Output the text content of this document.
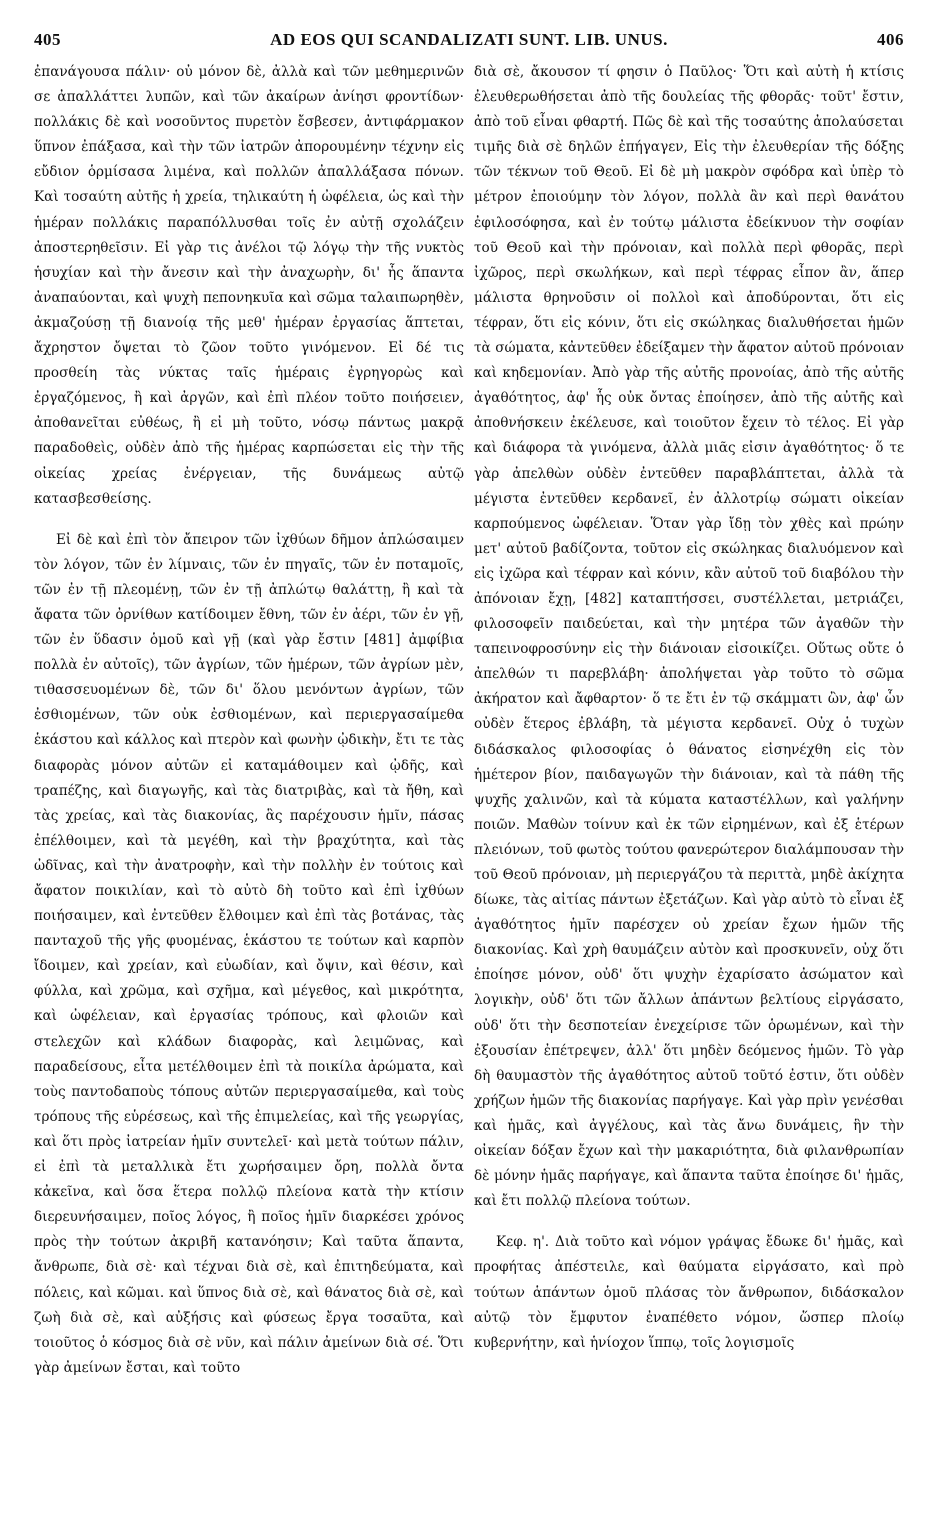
405	AD EOS QUI SCANDALIZATI SUNT. LIB. UNUS.	406

ἐπανάγουσα πάλιν· οὐ μόνον δὲ, ἀλλὰ καὶ τῶν μεθημερινῶν σε ἀπαλλάττει λυπῶν, καὶ τῶν ἀκαίρων ἀνίησι φροντίδων· πολλάκις δὲ καὶ νοσοῦντος πυρετὸν ἔσβεσεν, ἀντιφάρμακον ὕπνον ἐπάξασα, καὶ τὴν τῶν ἰατρῶν ἀπορουμένην τέχνην εἰς εὔδιον ὁρμίσασα λιμένα, καὶ πολλῶν ἀπαλλάξασα πόνων. Καὶ τοσαύτη αὐτῆς ἡ χρεία, τηλικαύτη ἡ ὠφέλεια, ὡς καὶ τὴν ἡμέραν πολλάκις παραπόλλυσθαι τοῖς ἐν αὐτῇ σχολάζειν ἀποστερηθεῖσιν. Εἰ γὰρ τις ἀνέλοι τῷ λόγῳ τὴν τῆς νυκτὸς ἡσυχίαν καὶ τὴν ἄνεσιν καὶ τὴν ἀναχωρὴν, δι' ἧς ἅπαντα ἀναπαύονται, καὶ ψυχὴ πεπονηκυῖα καὶ σῶμα ταλαιπωρηθὲν, ἀκμαζούσῃ τῇ διανοίᾳ τῆς μεθ' ἡμέραν ἐργασίας ἅπτεται, ἄχρηστον ὄψεται τὸ ζῶον τοῦτο γινόμενον. Εἰ δέ τις προσθείη τὰς νύκτας ταῖς ἡμέραις ἐγρηγορὼς καὶ ἐργαζόμενος, ἢ καὶ ἀργῶν, καὶ ἐπὶ πλέον τοῦτο ποιήσειεν, ἀποθανεῖται εὐθέως, ἢ εἰ μὴ τοῦτο, νόσῳ πάντως μακρᾷ παραδοθεὶς, οὐδὲν ἀπὸ τῆς ἡμέρας καρπώσεται εἰς τὴν τῆς οἰκείας χρείας ἐνέργειαν, τῆς δυνάμεως αὐτῷ κατασβεσθείσης.

Εἰ δὲ καὶ ἐπὶ τὸν ἄπειρον τῶν ἰχθύων δῆμον ἁπλώσαιμεν τὸν λόγον, τῶν ἐν λίμναις, τῶν ἐν πηγαῖς, τῶν ἐν ποταμοῖς, τῶν ἐν τῇ πλεομένῃ, τῶν ἐν τῇ ἀπλώτῳ θαλάττῃ, ἢ καὶ τὰ ἄφατα τῶν ὀρνίθων κατίδοιμεν ἔθνη, τῶν ἐν ἀέρι, τῶν ἐν γῇ, τῶν ἐν ὕδασιν ὁμοῦ καὶ γῇ (καὶ γὰρ ἔστιν [481] ἀμφίβια πολλὰ ἐν αὐτοῖς), τῶν ἀγρίων, τῶν ἡμέρων, τῶν ἀγρίων μὲν, τιθασσευομένων δὲ, τῶν δι' ὅλου μενόντων ἀγρίων, τῶν ἐσθιομένων, τῶν οὐκ ἐσθιομένων, καὶ περιεργασαίμεθα ἑκάστου καὶ κάλλος καὶ πτερὸν καὶ φωνὴν ᾠδικὴν, ἔτι τε τὰς διαφορὰς μόνον αὐτῶν εἰ καταμάθοιμεν καὶ ᾠδῆς, καὶ τραπέζης, καὶ διαγωγῆς, καὶ τὰς διατριβὰς, καὶ τὰ ἤθη, καὶ τὰς χρείας, καὶ τὰς διακονίας, ἃς παρέχουσιν ἡμῖν, πάσας ἐπέλθοιμεν, καὶ τὰ μεγέθη, καὶ τὴν βραχύτητα, καὶ τὰς ὠδῖνας, καὶ τὴν ἀνατροφὴν, καὶ τὴν πολλὴν ἐν τούτοις καὶ ἄφατον ποικιλίαν, καὶ τὸ αὐτὸ δὴ τοῦτο καὶ ἐπὶ ἰχθύων ποιήσαιμεν, καὶ ἐντεῦθεν ἔλθοιμεν καὶ ἐπὶ τὰς βοτάνας, τὰς πανταχοῦ τῆς γῆς φυομένας, ἑκάστου τε τούτων καὶ καρπὸν ἴδοιμεν, καὶ χρείαν, καὶ εὐωδίαν, καὶ ὄψιν, καὶ θέσιν, καὶ φύλλα, καὶ χρῶμα, καὶ σχῆμα, καὶ μέγεθος, καὶ μικρότητα, καὶ ὠφέλειαν, καὶ ἐργασίας τρόπους, καὶ φλοιῶν καὶ στελεχῶν καὶ κλάδων διαφορὰς, καὶ λειμῶνας, καὶ παραδείσους, εἶτα μετέλθοιμεν ἐπὶ τὰ ποικίλα ἀρώματα, καὶ τοὺς παντοδαποὺς τόπους αὐτῶν περιεργασαίμεθα, καὶ τοὺς τρόπους τῆς εὑρέσεως, καὶ τῆς ἐπιμελείας, καὶ τῆς γεωργίας, καὶ ὅτι πρὸς ἰατρείαν ἡμῖν συντελεῖ· καὶ μετὰ τούτων πάλιν, εἰ ἐπὶ τὰ μεταλλικὰ ἔτι χωρήσαιμεν ὄρη, πολλὰ ὄντα κἀκεῖνα, καὶ ὅσα ἕτερα πολλῷ πλείονα κατὰ τὴν κτίσιν διερευνήσαιμεν, ποῖος λόγος, ἢ ποῖος ἡμῖν διαρκέσει χρόνος πρὸς τὴν τούτων ἀκριβῆ κατανόησιν; Καὶ ταῦτα ἅπαντα, ἄνθρωπε, διὰ σὲ· καὶ τέχναι διὰ σὲ, καὶ ἐπιτηδεύματα, καὶ πόλεις, καὶ κῶμαι. καὶ ὕπνος διὰ σὲ, καὶ θάνατος διὰ σὲ, καὶ ζωὴ διὰ σὲ, καὶ αὐξήσις καὶ φύσεως ἔργα τοσαῦτα, καὶ τοιοῦτος ὁ κόσμος διὰ σὲ νῦν, καὶ πάλιν ἀμείνων διὰ σέ. Ὅτι γὰρ ἀμείνων ἔσται, καὶ τοῦτο

διὰ σὲ, ἄκουσον τί φησιν ὁ Παῦλος· Ὅτι καὶ αὐτὴ ἡ κτίσις ἐλευθερωθήσεται ἀπὸ τῆς δουλείας τῆς φθορᾶς· τοῦτ' ἔστιν, ἀπὸ τοῦ εἶναι φθαρτή. Πῶς δὲ καὶ τῆς τοσαύτης ἀπολαύσεται τιμῆς διὰ σὲ δηλῶν ἐπήγαγεν, Εἰς τὴν ἐλευθερίαν τῆς δόξης τῶν τέκνων τοῦ Θεοῦ. Εἰ δὲ μὴ μακρὸν σφόδρα καὶ ὑπὲρ τὸ μέτρον ἐποιούμην τὸν λόγον, πολλὰ ἂν καὶ περὶ θανάτου ἐφιλοσόφησα, καὶ ἐν τούτῳ μάλιστα ἐδείκνυον τὴν σοφίαν τοῦ Θεοῦ καὶ τὴν πρόνοιαν, καὶ πολλὰ περὶ φθορᾶς, περὶ ἰχῶρος, περὶ σκωλήκων, καὶ περὶ τέφρας εἶπον ἂν, ἅπερ μάλιστα θρηνοῦσιν οἱ πολλοὶ καὶ ἀποδύρονται, ὅτι εἰς τέφραν, ὅτι εἰς κόνιν, ὅτι εἰς σκώληκας διαλυθήσεται ἡμῶν τὰ σώματα, κἀντεῦθεν ἐδείξαμεν τὴν ἄφατον αὐτοῦ πρόνοιαν καὶ κηδεμονίαν. Ἀπὸ γὰρ τῆς αὐτῆς προνοίας, ἀπὸ τῆς αὐτῆς ἀγαθότητος, ἀφ' ἧς οὐκ ὄντας ἐποίησεν, ἀπὸ τῆς αὐτῆς καὶ ἀποθνήσκειν ἐκέλευσε, καὶ τοιοῦτον ἔχειν τὸ τέλος. Εἰ γὰρ καὶ διάφορα τὰ γινόμενα, ἀλλὰ μιᾶς εἰσιν ἀγαθότητος· ὅ τε γὰρ ἀπελθὼν οὐδὲν ἐντεῦθεν παραβλάπτεται, ἀλλὰ τὰ μέγιστα ἐντεῦθεν κερδανεῖ, ἐν ἀλλοτρίῳ σώματι οἰκείαν καρπούμενος ὠφέλειαν. Ὅταν γὰρ ἴδῃ τὸν χθὲς καὶ πρώην μετ' αὐτοῦ βαδίζοντα, τοῦτον εἰς σκώληκας διαλυόμενον καὶ εἰς ἰχῶρα καὶ τέφραν καὶ κόνιν, κἂν αὐτοῦ τοῦ διαβόλου τὴν ἀπόνοιαν ἔχῃ, [482] καταπτήσσει, συστέλλεται, μετριάζει, φιλοσοφεῖν παιδεύεται, καὶ τὴν μητέρα τῶν ἀγαθῶν τὴν ταπεινοφροσύνην εἰς τὴν διάνοιαν εἰσοικίζει. Οὕτως οὔτε ὁ ἀπελθών τι παρεβλάβη· ἀπολήψεται γὰρ τοῦτο τὸ σῶμα ἀκήρατον καὶ ἄφθαρτον· ὅ τε ἔτι ἐν τῷ σκάμματι ὢν, ἀφ' ὧν οὐδὲν ἕτερος ἐβλάβη, τὰ μέγιστα κερδανεῖ. Οὐχ ὁ τυχὼν διδάσκαλος φιλοσοφίας ὁ θάνατος εἰσηνέχθη εἰς τὸν ἡμέτερον βίον, παιδαγωγῶν τὴν διάνοιαν, καὶ τὰ πάθη τῆς ψυχῆς χαλινῶν, καὶ τὰ κύματα καταστέλλων, καὶ γαλήνην ποιῶν. Μαθὼν τοίνυν καὶ ἐκ τῶν εἰρημένων, καὶ ἐξ ἑτέρων πλειόνων, τοῦ φωτὸς τούτου φανερώτερον διαλάμπουσαν τὴν τοῦ Θεοῦ πρόνοιαν, μὴ περιεργάζου τὰ περιττὰ, μηδὲ ἀκίχητα δίωκε, τὰς αἰτίας πάντων ἐξετάζων. Καὶ γὰρ αὐτὸ τὸ εἶναι ἐξ ἀγαθότητος ἡμῖν παρέσχεν οὐ χρείαν ἔχων ἡμῶν τῆς διακονίας. Καὶ χρὴ θαυμάζειν αὐτὸν καὶ προσκυνεῖν, οὐχ ὅτι ἐποίησε μόνον, οὐδ' ὅτι ψυχὴν ἐχαρίσατο ἀσώματον καὶ λογικὴν, οὐδ' ὅτι τῶν ἄλλων ἁπάντων βελτίους εἰργάσατο, οὐδ' ὅτι τὴν δεσποτείαν ἐνεχείρισε τῶν ὁρωμένων, καὶ τὴν ἐξουσίαν ἐπέτρεψεν, ἀλλ' ὅτι μηδὲν δεόμενος ἡμῶν. Τὸ γὰρ δὴ θαυμαστὸν τῆς ἀγαθότητος αὐτοῦ τοῦτό ἐστιν, ὅτι οὐδὲν χρήζων ἡμῶν τῆς διακονίας παρήγαγε. Καὶ γὰρ πρὶν γενέσθαι καὶ ἡμᾶς, καὶ ἀγγέλους, καὶ τὰς ἄνω δυνάμεις, ἣν τὴν οἰκείαν δόξαν ἔχων καὶ τὴν μακαριότητα, διὰ φιλανθρωπίαν δὲ μόνην ἡμᾶς παρήγαγε, καὶ ἅπαντα ταῦτα ἐποίησε δι' ἡμᾶς, καὶ ἔτι πολλῷ πλείονα τούτων.

Κεφ. η'. Διὰ τοῦτο καὶ νόμον γράψας ἔδωκε δι' ἡμᾶς, καὶ προφήτας ἀπέστειλε, καὶ θαύματα εἰργάσατο, καὶ πρὸ τούτων ἁπάντων ὁμοῦ πλάσας τὸν ἄνθρωπον, διδάσκαλον αὐτῷ τὸν ἔμφυτον ἐναπέθετο νόμον, ὥσπερ πλοίῳ κυβερνήτην, καὶ ἡνίοχον ἵππῳ, τοῖς λογισμοῖς
